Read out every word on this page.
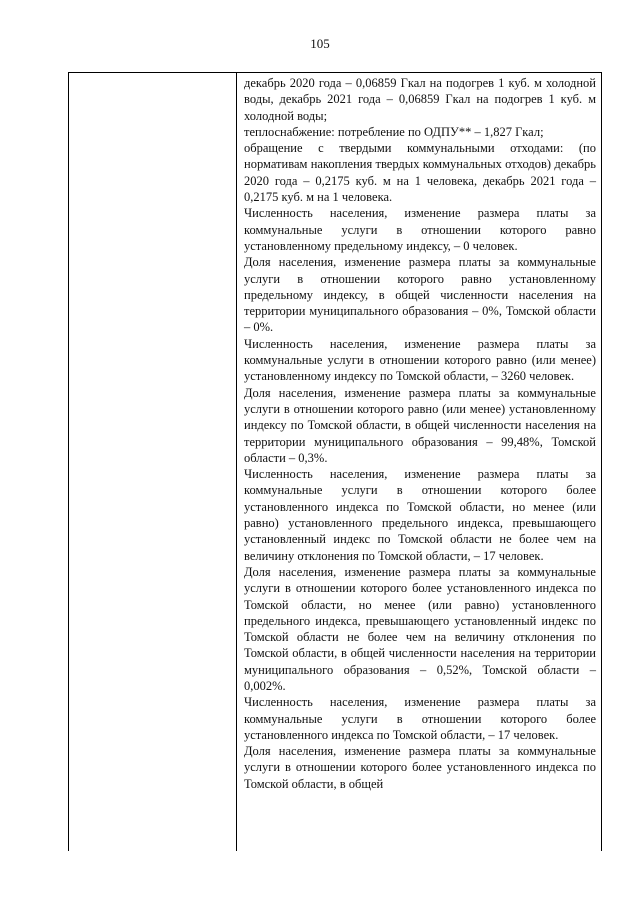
105

декабрь 2020 года – 0,06859 Гкал на подогрев 1 куб. м холодной воды, декабрь 2021 года – 0,06859 Гкал на подогрев 1 куб. м холодной воды;

теплоснабжение: потребление по ОДПУ** – 1,827 Гкал;

обращение с твердыми коммунальными отходами: (по нормативам накопления твердых коммунальных отходов) декабрь 2020 года – 0,2175 куб. м на 1 человека, декабрь 2021 года – 0,2175 куб. м на 1 человека.

Численность населения, изменение размера платы за коммунальные услуги в отношении которого равно установленному предельному индексу, – 0 человек.

Доля населения, изменение размера платы за коммунальные услуги в отношении которого равно установленному предельному индексу, в общей численности населения на территории муниципального образования – 0%, Томской области – 0%.

Численность населения, изменение размера платы за коммунальные услуги в отношении которого равно (или менее) установленному индексу по Томской области, – 3260 человек.

Доля населения, изменение размера платы за коммунальные услуги в отношении которого равно (или менее) установленному индексу по Томской области, в общей численности населения на территории муниципального образования – 99,48%, Томской области – 0,3%.

Численность населения, изменение размера платы за коммунальные услуги в отношении которого более установленного индекса по Томской области, но менее (или равно) установленного предельного индекса, превышающего установленный индекс по Томской области не более чем на величину отклонения по Томской области, – 17 человек.

Доля населения, изменение размера платы за коммунальные услуги в отношении которого более установленного индекса по Томской области, но менее (или равно) установленного предельного индекса, превышающего установленный индекс по Томской области не более чем на величину отклонения по Томской области, в общей численности населения на территории муниципального образования – 0,52%, Томской области – 0,002%.

Численность населения, изменение размера платы за коммунальные услуги в отношении которого более установленного индекса по Томской области, – 17 человек.

Доля населения, изменение размера платы за коммунальные услуги в отношении которого более установленного индекса по Томской области, в общей
